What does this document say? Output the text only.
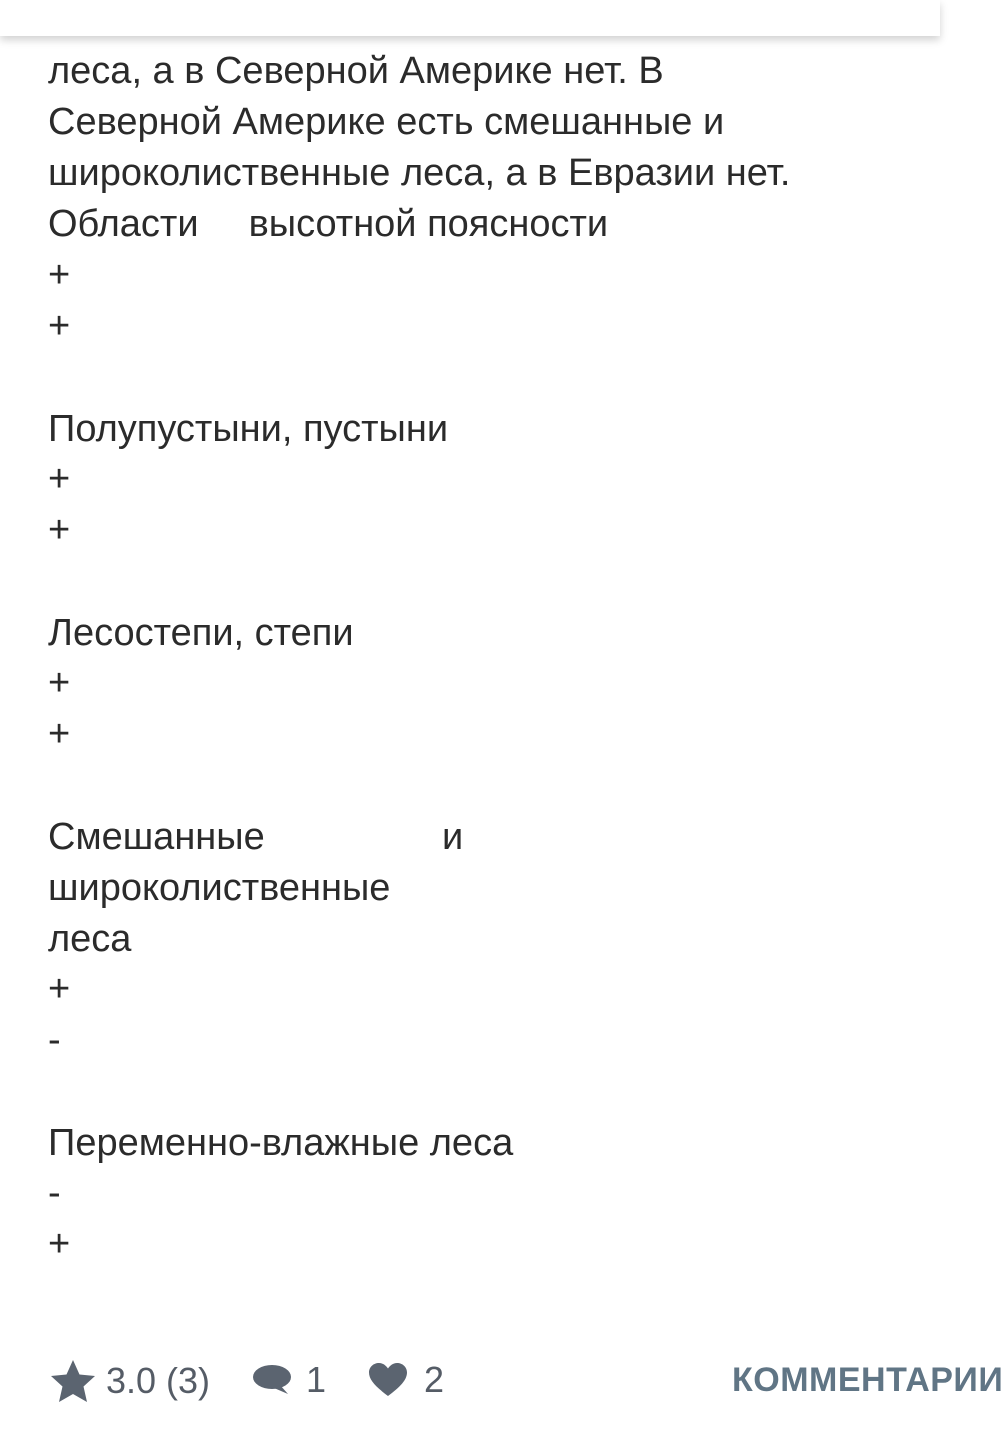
леса, а в Северной Америке нет. В
Северной Америке есть смешанные и
широколиственные леса, а в Евразии нет.
Области высотной поясности
+
+
Полупустыни, пустыни
+
+
Лесостепи, степи
+
+
Смешанные	и
широколиственные
леса
+
-
Переменно-влажные леса
-
+
3.0 (3)	1	2	КОММЕНТАРИИ
